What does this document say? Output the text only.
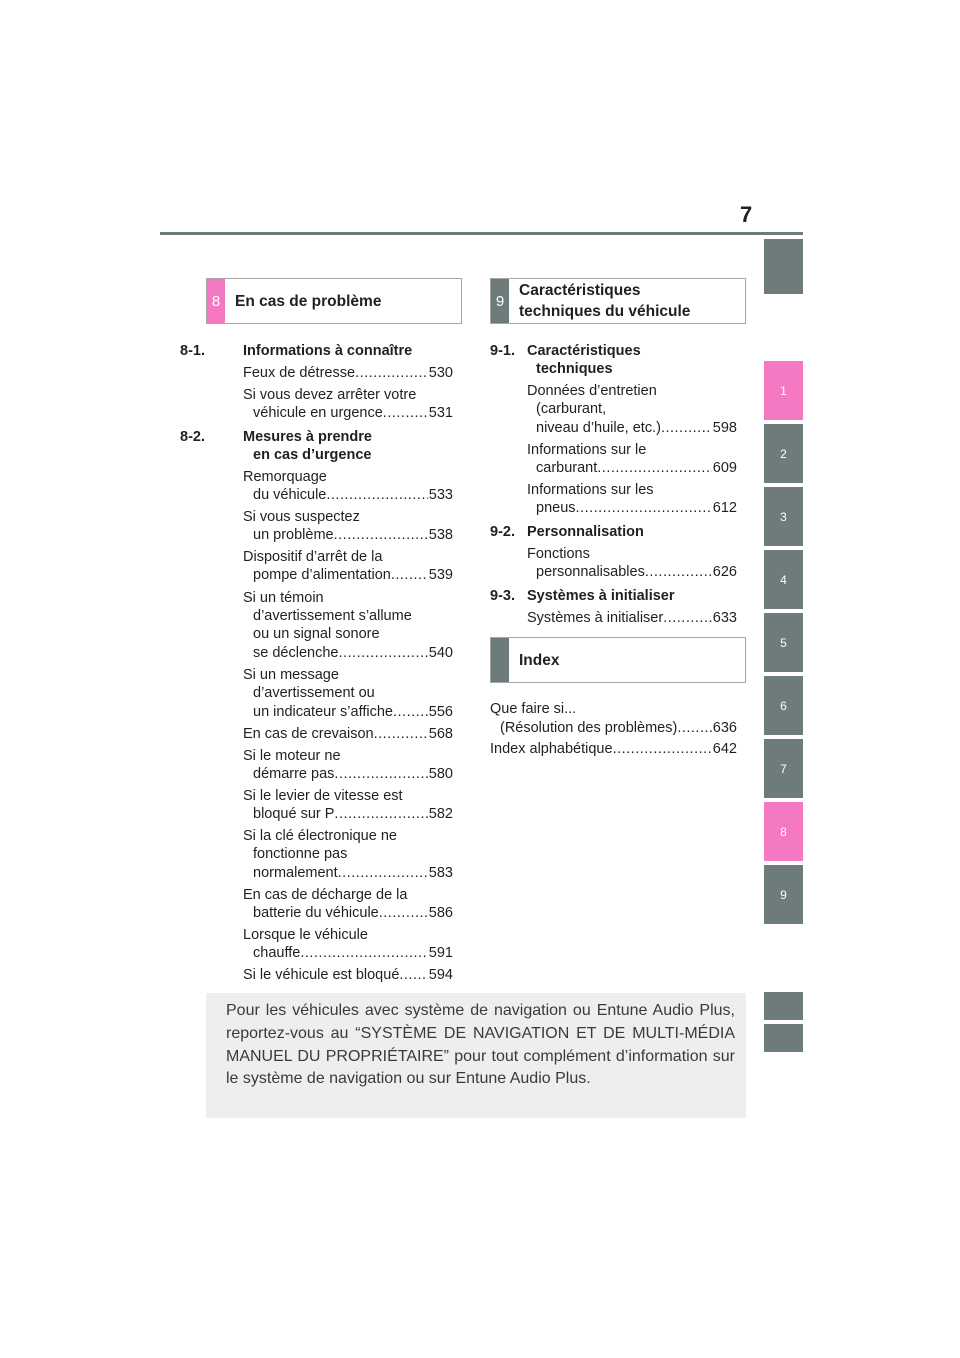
7
1
2
3
4
5
6
7
8
9
8 En cas de problème	9
Caractéristiques
techniques du véhicule
Index
8-1.	Informations à connaître
Feux de détresse .....	530
Si vous devez arrêter votre
véhicule en urgence .....	531
8-2.	Mesures à prendre
en cas d’urgence
Remorquage
du véhicule .....	533
Si vous suspectez
un problème .....	538
Dispositif d’arrêt de la
pompe d’alimentation .....	539
Si un témoin
d’avertissement s’allume
ou un signal sonore
se déclenche .....	540
Si un message
d’avertissement ou
un indicateur s’affiche ..... 556
En cas de crevaison .....	568
Si le moteur ne
démarre pas .....	580
Si le levier de vitesse est
bloqué sur P .....	582
Si la clé électronique ne
fonctionne pas
normalement .....	583
En cas de décharge de la
batterie du véhicule .....	586
Lorsque le véhicule
chauffe .....	591
Si le véhicule est bloqué ..... 594
9-1. Caractéristiques
techniques
Données d’entretien
(carburant,
niveau d’huile, etc.) .....	598
Informations sur le
carburant .....	609
Informations sur les
pneus .....	612
9-2. Personnalisation
Fonctions
personnalisables .....	626
9-3. Systèmes à initialiser
Systèmes à initialiser .....	633
Que faire si...
(Résolution des problèmes) ..... 636
Index alphabétique .....	642

Pour les véhicules avec système de navigation ou Entune Audio Plus, reportez-vous au “SYSTÈME DE NAVIGATION ET DE MULTI-MÉDIA MANUEL DU PROPRIÉTAIRE” pour tout complément d’information sur le système de navigation ou sur Entune Audio Plus.
